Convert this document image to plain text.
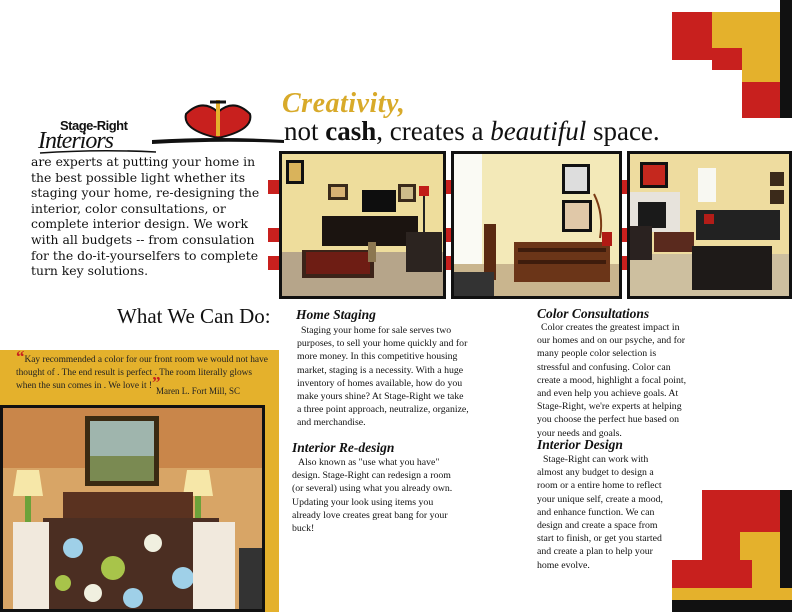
Stage-Right
Interiors
Creativity,
not cash, creates a beautiful space.
are experts at putting your home in the best possible light whether its staging your home, re-designing the interior, color consultations, or complete interior design. We work with all budgets -- from consulation for the do-it-yourselfers to complete turn key solutions.
What We Can Do: Home Staging
Staging your home for sale serves two purposes, to sell your home quickly and for more money. In this competitive housing market, staging is a necessity. With a huge inventory of homes available, how do you make yours shine? At Stage-Right we take a three point approach, neutralize, organize, and merchandise.
Interior Re-design
Also known as "use what you have" design. Stage-Right can redesign a room (or several) using what you already own. Updating your look using items you already love creates great bang for your buck!
Color Consultations
Color creates the greatest impact in our homes and on our psyche, and for many people color selection is stressful and confusing. Color can create a mood, highlight a focal point, and even help you achieve goals. At Stage-Right, we're experts at helping you choose the perfect hue based on your needs and goals.
Interior Design
Stage-Right can work with almost any budget to design a room or a entire home to reflect your unique self, create a mood, and enhance function. We can design and create a space from start to finish, or get you started and create a plan to help your home evolve.
“Kay recommended a color for our front room we would not have thought of . The end result is perfect . The room literally glows when the sun comes in . We love it !”
Maren L. Fort Mill, SC
